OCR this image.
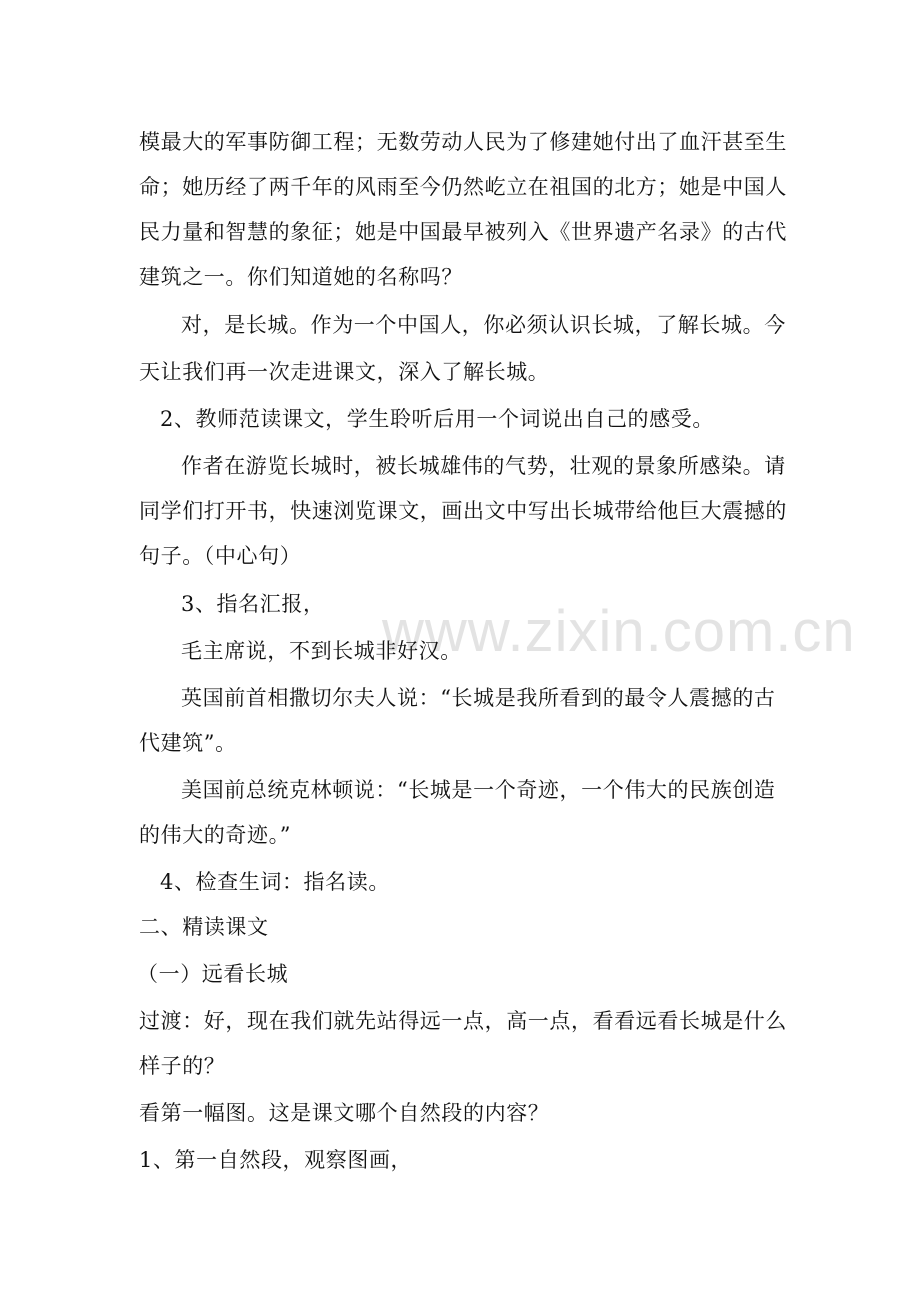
www.zixin.com.cn
模最大的军事防御工程；无数劳动人民为了修建她付出了血汗甚至生
命；她历经了两千年的风雨至今仍然屹立在祖国的北方；她是中国人
民力量和智慧的象征；她是中国最早被列入《世界遗产名录》的古代
建筑之一。你们知道她的名称吗？
对，是长城。作为一个中国人，你必须认识长城，了解长城。今
天让我们再一次走进课文，深入了解长城。
2、教师范读课文，学生聆听后用一个词说出自己的感受。
作者在游览长城时，被长城雄伟的气势，壮观的景象所感染。请
同学们打开书，快速浏览课文，画出文中写出长城带给他巨大震撼的
句子。（中心句）
3、指名汇报，
毛主席说，不到长城非好汉。
英国前首相撒切尔夫人说：“长城是我所看到的最令人震撼的古
代建筑”。
美国前总统克林顿说：“长城是一个奇迹，一个伟大的民族创造
的伟大的奇迹。”
4、检查生词：指名读。
二、精读课文
（一）远看长城
过渡：好，现在我们就先站得远一点，高一点，看看远看长城是什么
样子的？
看第一幅图。这是课文哪个自然段的内容？
1、第一自然段，观察图画，
